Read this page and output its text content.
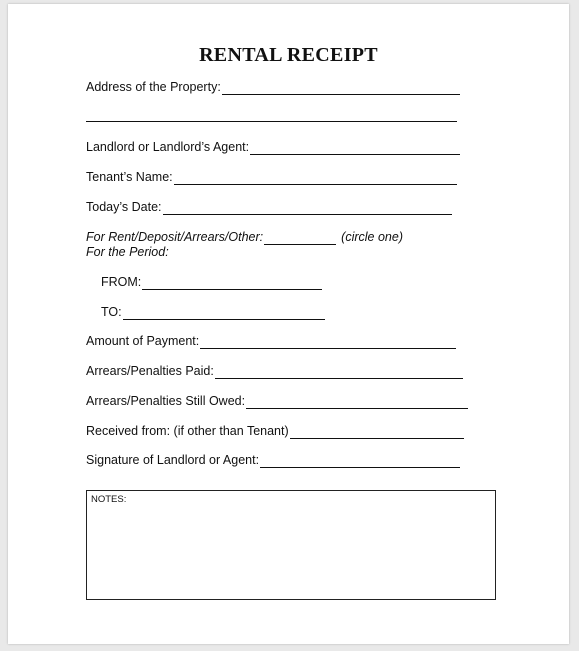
RENTAL RECEIPT
Address of the Property:
Landlord or Landlord’s Agent:
Tenant’s Name:
Today’s Date:
For Rent/Deposit/Arrears/Other:	(circle one)
For the Period:
FROM:
TO:
Amount of Payment:
Arrears/Penalties Paid:
Arrears/Penalties Still Owed:
Received from: (if other than Tenant)
Signature of Landlord or Agent:
NOTES:
